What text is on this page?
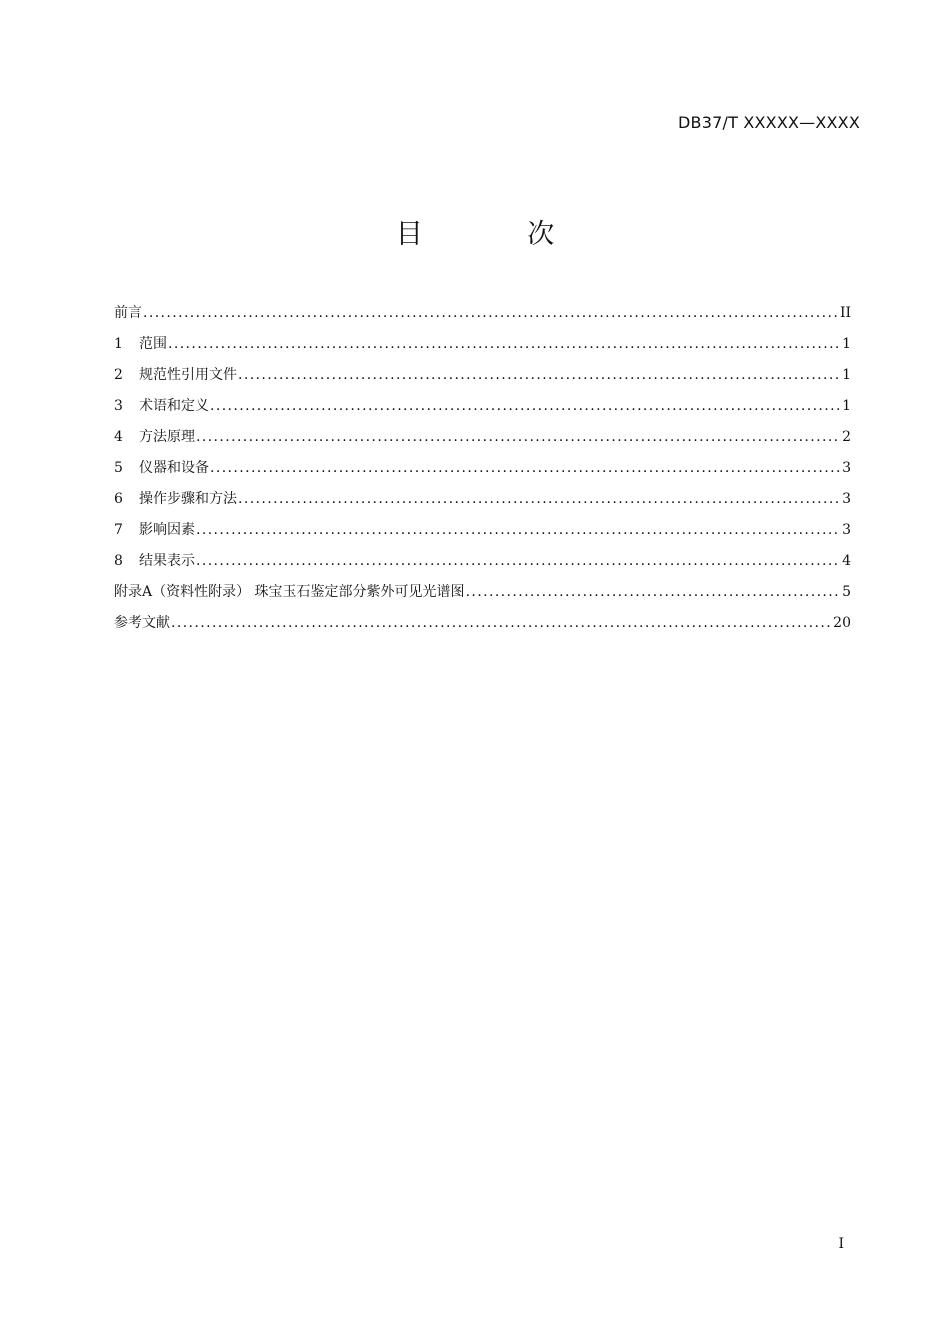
DB37/T XXXXX—XXXX
目 次
前言 .....	II
1	范围 .....	1
2	规范性引用文件 .....	1
3	术语和定义 .....	1
4	方法原理 .....	2
5	仪器和设备 .....	3
6	操作步骤和方法 .....	3
7	影响因素 .....	3
8	结果表示 .....	4
附录A（资料性附录） 珠宝玉石鉴定部分紫外可见光谱图 .....	5
参考文献 .....	20
I
